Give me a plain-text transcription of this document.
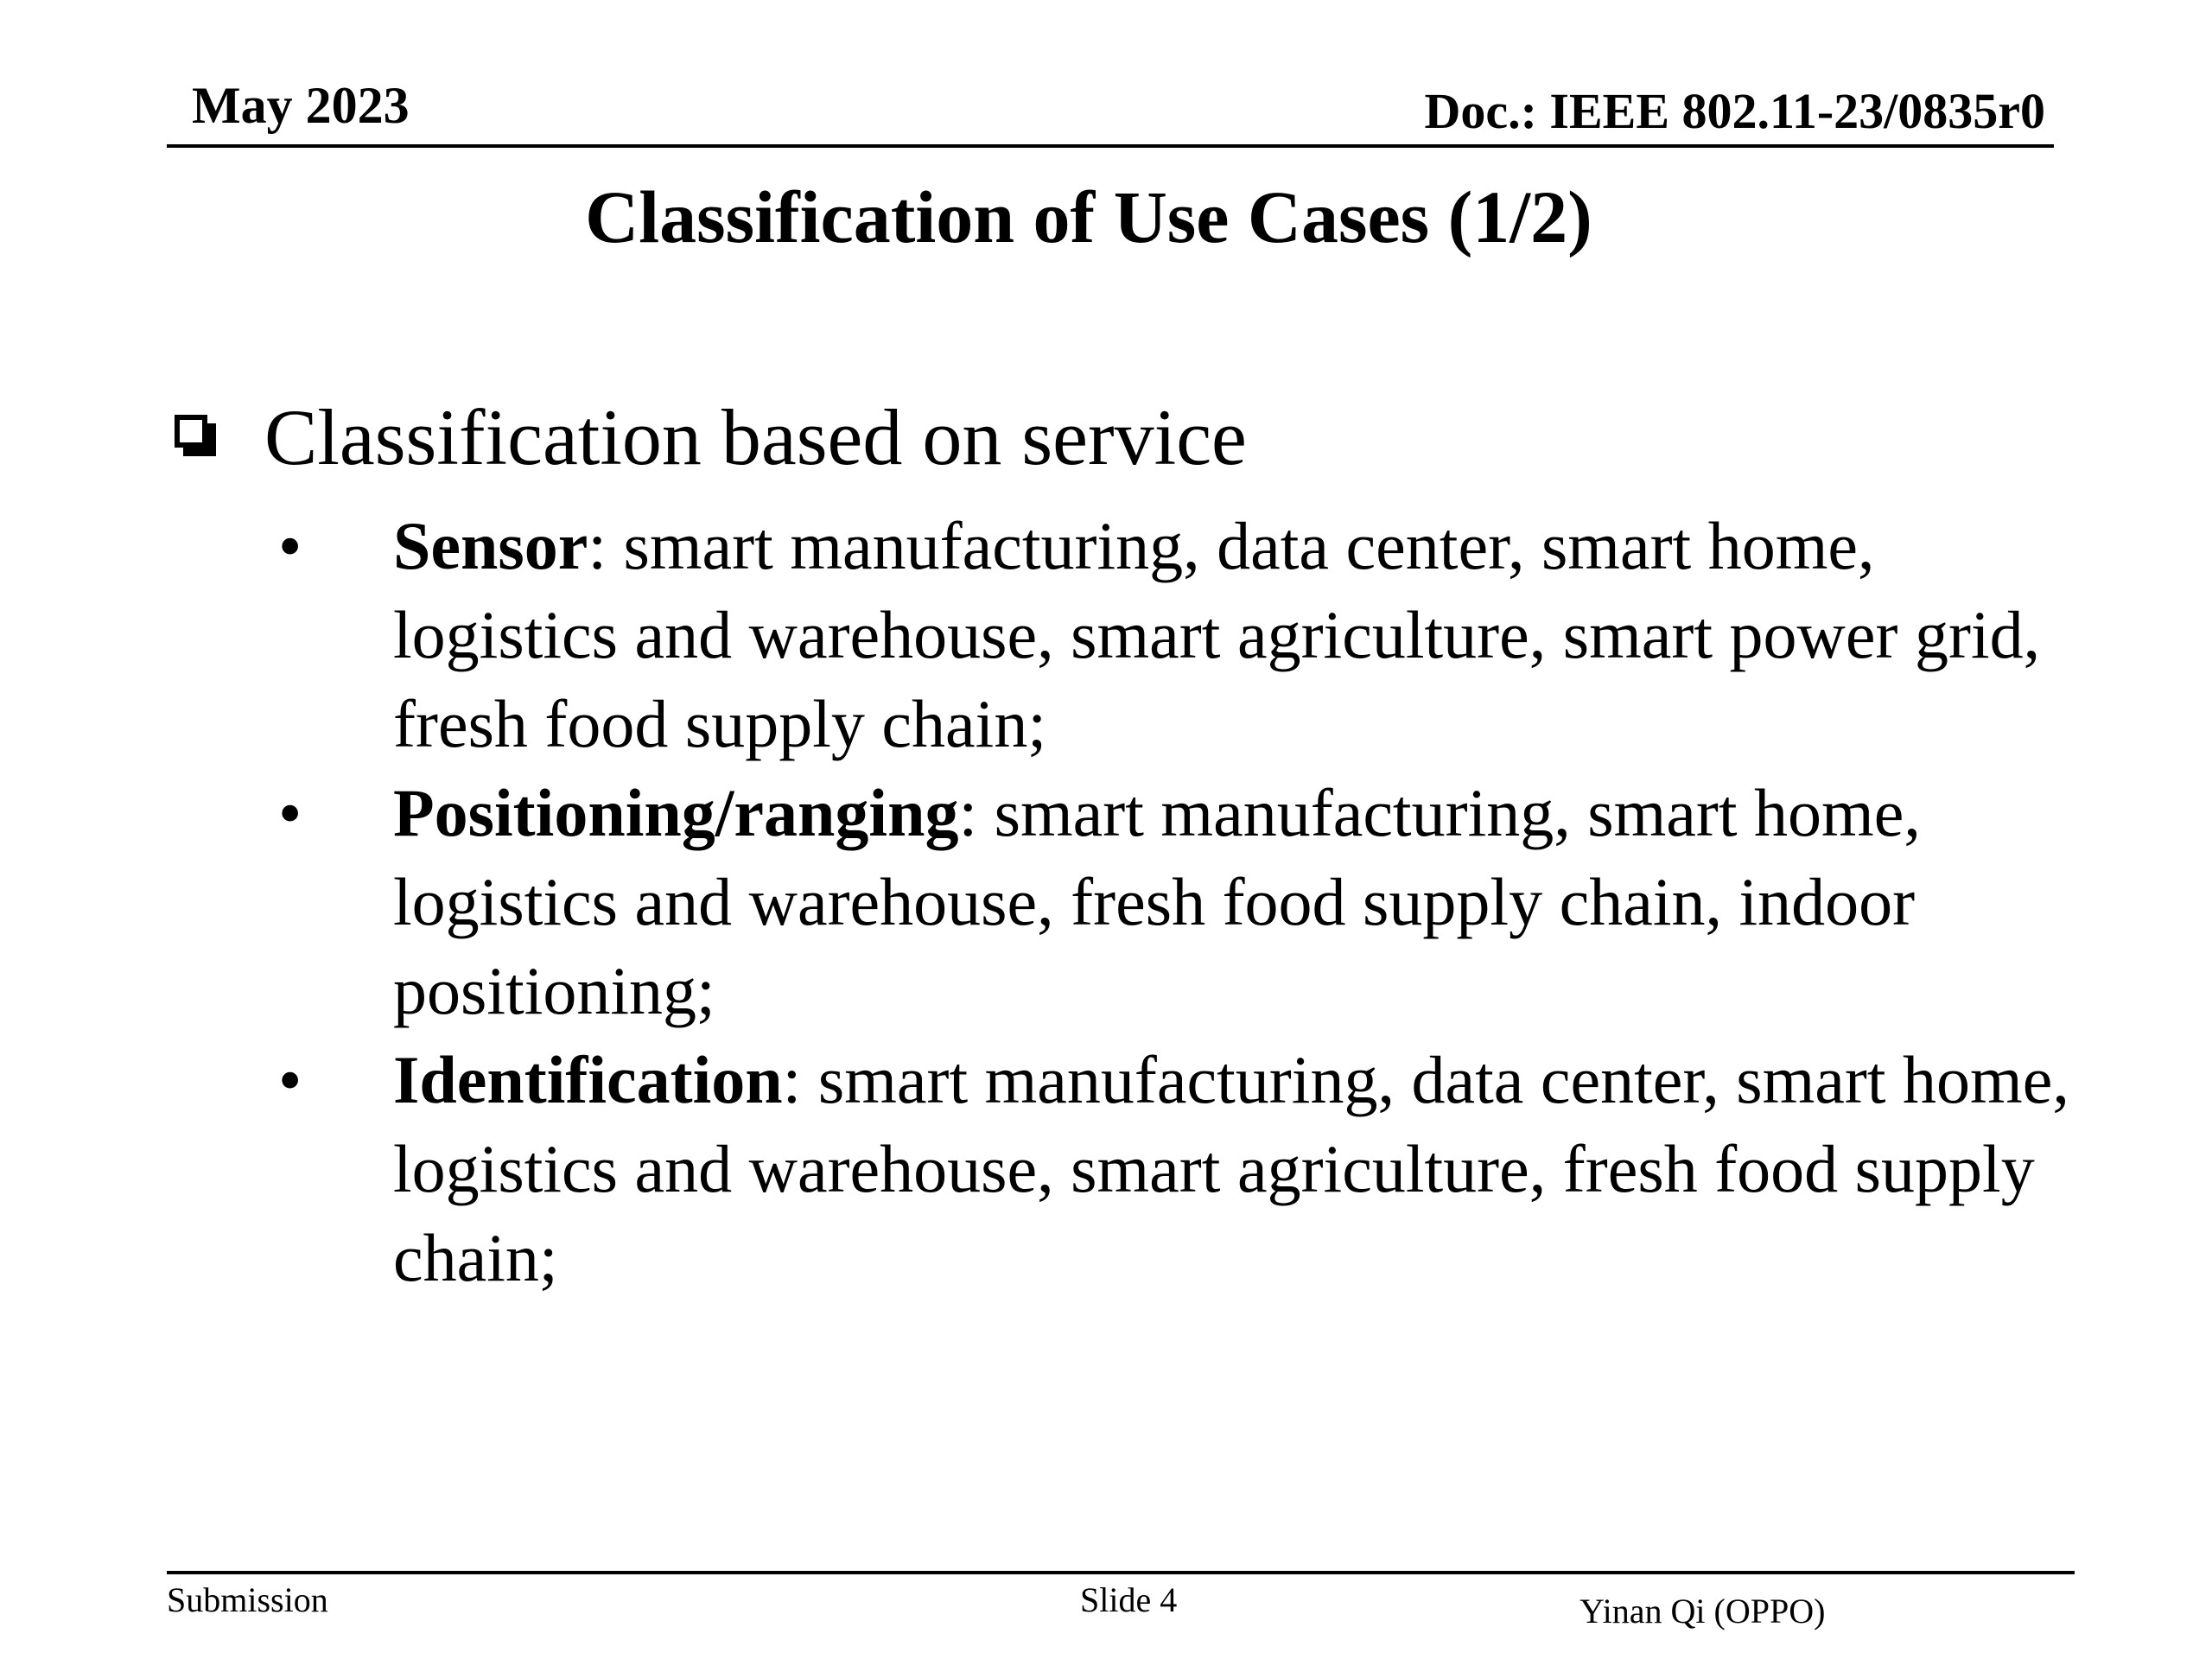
May 2023	Doc.: IEEE 802.11-23/0835r0
Classification of Use Cases (1/2)
Classification based on service
• Sensor: smart manufacturing, data center, smart home, logistics and warehouse, smart agriculture, smart power grid, fresh food supply chain;
• Positioning/ranging: smart manufacturing, smart home, logistics and warehouse, fresh food supply chain, indoor positioning;
• Identification: smart manufacturing, data center, smart home, logistics and warehouse, smart agriculture, fresh food supply chain;
Submission	Slide 4	Yinan Qi (OPPO)
